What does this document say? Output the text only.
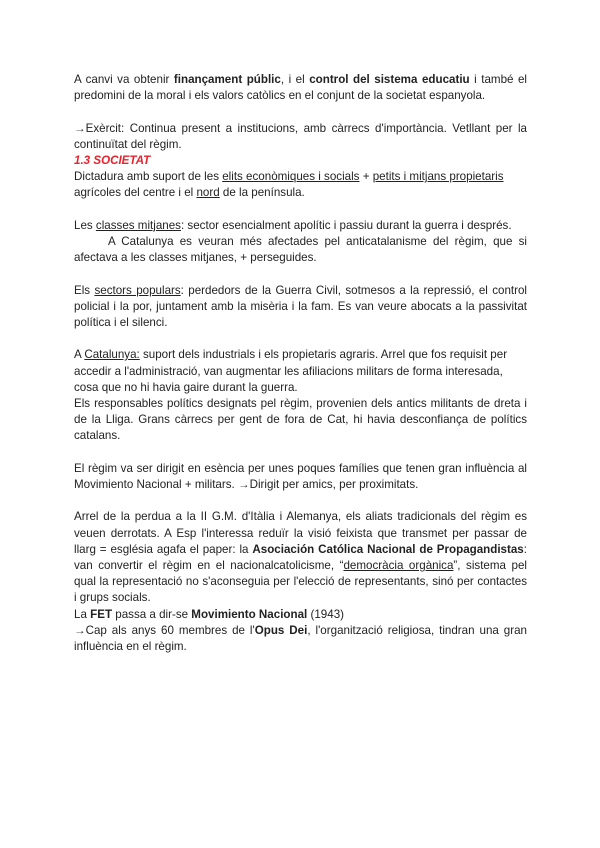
A canvi va obtenir finançament públic, i el control del sistema educatiu i també el predomini de la moral i els valors catòlics en el conjunt de la societat espanyola.

→Exèrcit: Continua present a institucions, amb càrrecs d'importància. Vetllant per la continuïtat del règim.

1.3 SOCIETAT

Dictadura amb suport de les elits econòmiques i socials + petits i mitjans propietaris agrícoles del centre i el nord de la península.

Les classes mitjanes: sector esencialment apolític i passiu durant la guerra i després.

A Catalunya es veuran més afectades pel anticatalanisme del règim, que si afectava a les classes mitjanes, + perseguides.

Els sectors populars: perdedors de la Guerra Civil, sotmesos a la repressió, el control policial i la por, juntament amb la misèria i la fam. Es van veure abocats a la passivitat política i el silenci.

A Catalunya: suport dels industrials i els propietaris agraris. Arrel que fos requisit per accedir a l'administració, van augmentar les afiliacions militars de forma interesada, cosa que no hi havia gaire durant la guerra.

Els responsables polítics designats pel règim, provenien dels antics militants de dreta i de la Lliga. Grans càrrecs per gent de fora de Cat, hi havia desconfiança de polítics catalans.

El règim va ser dirigit en esència per unes poques famílies que tenen gran influència al Movimiento Nacional + militars. →Dirigit per amics, per proximitats.

Arrel de la perdua a la II G.M. d'Itàlia i Alemanya, els aliats tradicionals del règim es veuen derrotats. A Esp l'interessa reduïr la visió feixista que transmet per passar de llarg = església agafa el paper: la Asociación Católica Nacional de Propagandistas: van convertir el règim en el nacionalcatolicisme, “democràcia orgànica”, sistema pel qual la representació no s'aconseguia per l'elecció de representants, sinó per contactes i grups socials.

La FET passa a dir-se Movimiento Nacional (1943)

→Cap als anys 60 membres de l'Opus Dei, l'organització religiosa, tindran una gran influència en el règim.
